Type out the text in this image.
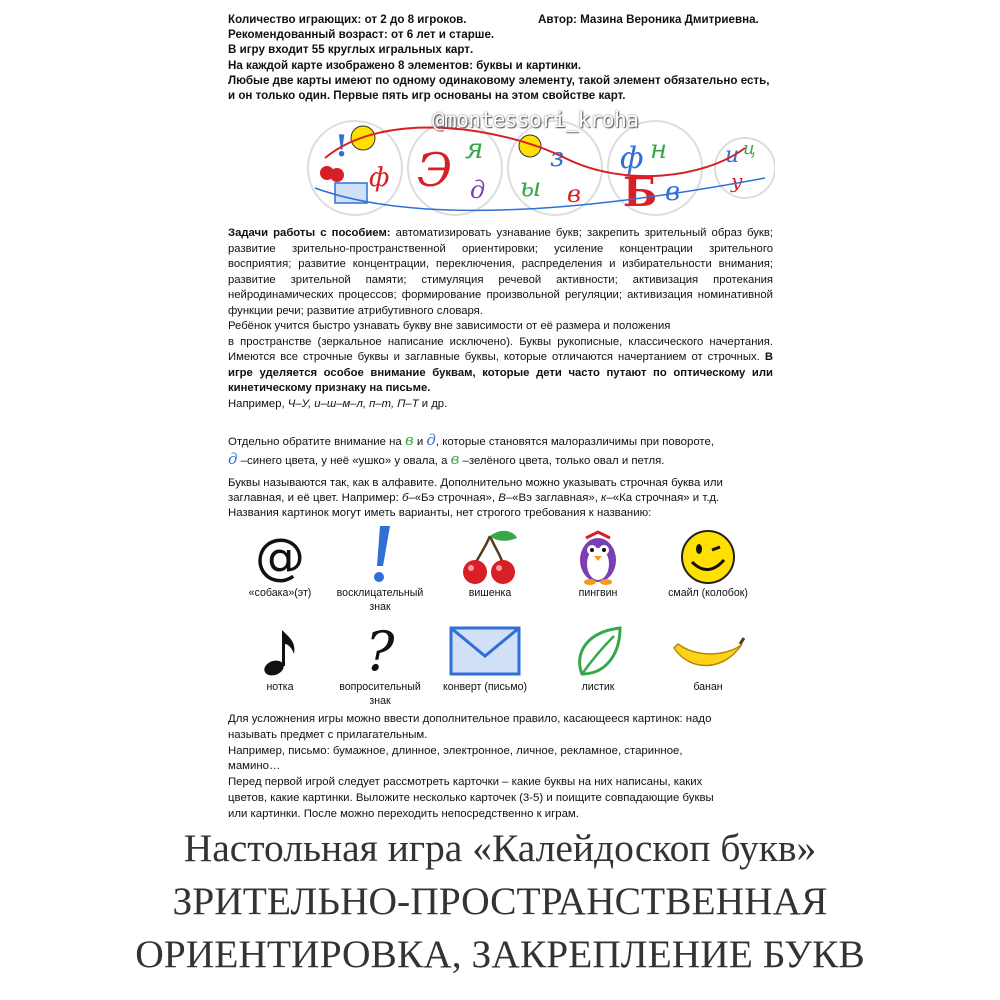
Количество играющих: от 2 до 8 игроков.	Автор: Мазина Вероника Дмитриевна.
Рекомендованный возраст: от 6 лет и старше.
В игру входит 55 круглых игральных карт.
На каждой карте изображено 8 элементов: буквы и картинки.
Любые две карты имеют по одному одинаковому элементу, такой элемент обязательно есть,
и он только один. Первые пять игр основаны на этом свойстве карт.
!
ф Э я
д
з
ы в
ф н
Б в
и ц
у
@montessori_kroha
Задачи работы с пособием: автоматизировать узнавание букв; закрепить зрительный образ букв; развитие зрительно-пространственной ориентировки; усиление концентрации зрительного восприятия; развитие концентрации, переключения, распределения и избирательности внимания; развитие зрительной памяти; стимуляция речевой активности; активизация протекания нейродинамических процессов; формирование произвольной регуляции; активизация номинативной функции речи; развитие атрибутивного словаря.
Ребёнок учится быстро узнавать букву вне зависимости от её размера и положения
в пространстве (зеркальное написание исключено). Буквы рукописные, классического начертания. Имеются все строчные буквы и заглавные буквы, которые отличаются начертанием от строчных. В игре уделяется особое внимание буквам, которые дети часто путают по оптическому или кинетическому признаку на письме.
Например, Ч–У, и–ш–м–л, п–т, П–Т и др.
Отдельно обратите внимание на в и д, которые становятся малоразличимы при повороте,
д –синего цвета, у неё «ушко» у овала, а в –зелёного цвета, только овал и петля.
Буквы называются так, как в алфавите. Дополнительно можно указывать строчная буква или
заглавная, и её цвет. Например: б–«Бэ строчная», В–«Вэ заглавная», к–«Ка строчная» и т.д.
Названия картинок могут иметь варианты, нет строгого требования к названию:
@
«собака»(эт)	восклицательный знак
вишенка	пингвин	смайл (колобок)
нотка
?
вопросительный знак
конверт (письмо)	листик	банан
Для усложнения игры можно ввести дополнительное правило, касающееся картинок: надо
называть предмет с прилагательным.
Например, письмо: бумажное, длинное, электронное, личное, рекламное, старинное,
мамино…
Перед первой игрой следует рассмотреть карточки – какие буквы на них написаны, каких
цветов, какие картинки. Выложите несколько карточек (3-5) и поищите совпадающие буквы
или картинки. После можно переходить непосредственно к играм.
Настольная игра «Калейдоскоп букв»
ЗРИТЕЛЬНО-ПРОСТРАНСТВЕННАЯ
ОРИЕНТИРОВКА, ЗАКРЕПЛЕНИЕ БУКВ
